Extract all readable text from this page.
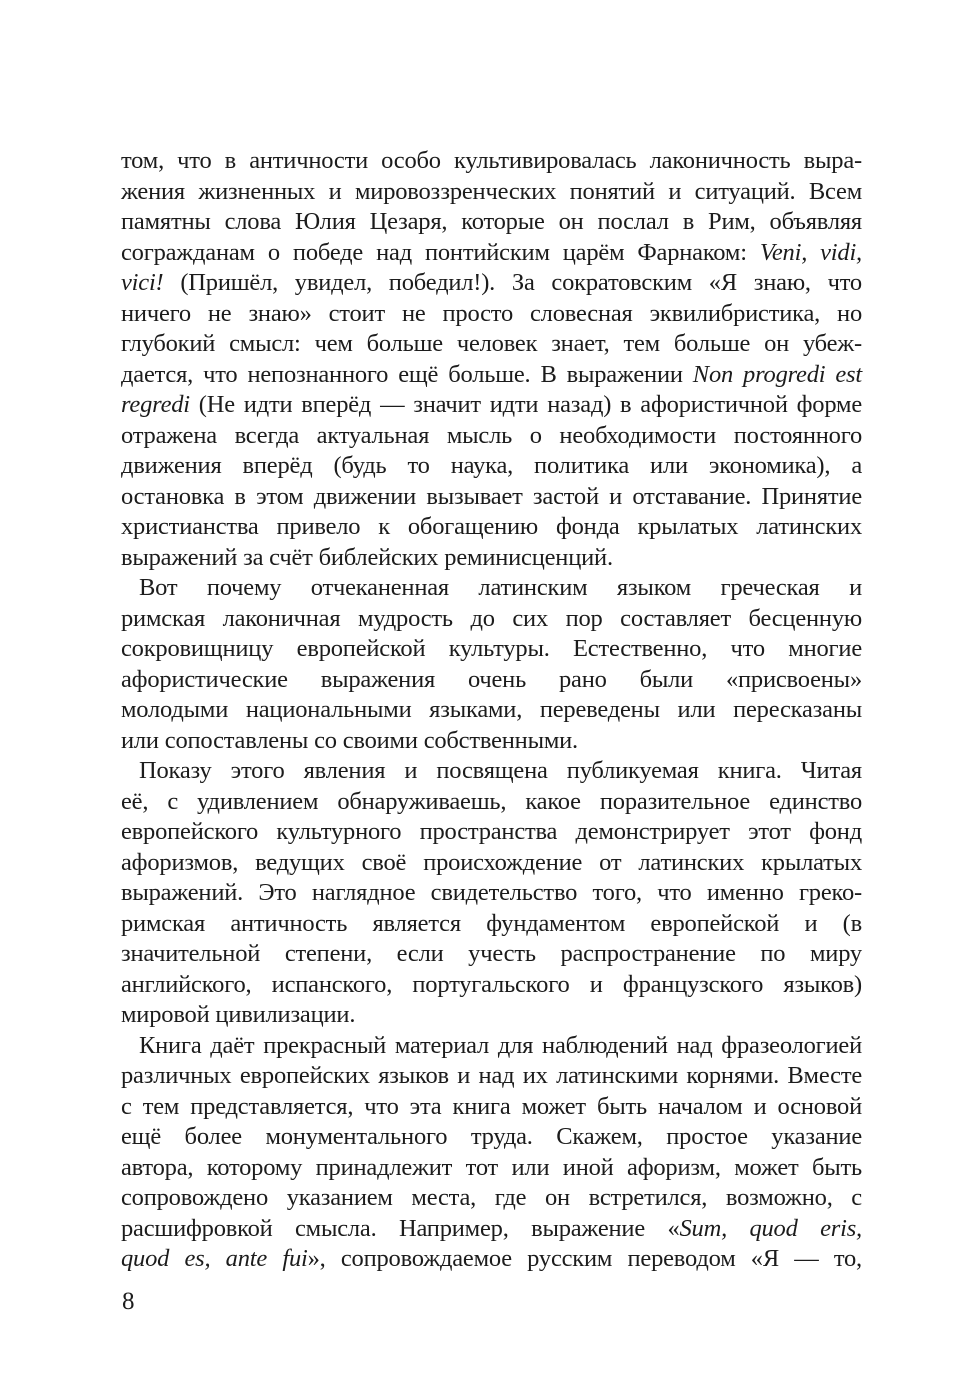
том, что в античности особо культивировалась лаконичность выра-
жения жизненных и мировоззренческих понятий и ситуаций. Всем
памятны слова Юлия Цезаря, которые он послал в Рим, объявляя
согражданам о победе над понтийским царём Фарнаком: Veni, vidi,
vici! (Пришёл, увидел, победил!). За сократовским «Я знаю, что
ничего не знаю» стоит не просто словесная эквилибристика, но
глубокий смысл: чем больше человек знает, тем больше он убеж-
дается, что непознанного ещё больше. В выражении Non progredi est
regredi (Не идти вперёд — значит идти назад) в афористичной форме
отражена всегда актуальная мысль о необходимости постоянного
движения вперёд (будь то наука, политика или экономика), а
остановка в этом движении вызывает застой и отставание. Принятие
христианства привело к обогащению фонда крылатых латинских
выражений за счёт библейских реминисценций.
Вот почему отчеканенная латинским языком греческая и
римская лаконичная мудрость до сих пор составляет бесценную
сокровищницу европейской культуры. Естественно, что многие
афористические выражения очень рано были «присвоены»
молодыми национальными языками, переведены или пересказаны
или сопоставлены со своими собственными.
Показу этого явления и посвящена публикуемая книга. Читая
её, с удивлением обнаруживаешь, какое поразительное единство
европейского культурного пространства демонстрирует этот фонд
афоризмов, ведущих своё происхождение от латинских крылатых
выражений. Это наглядное свидетельство того, что именно греко-
римская античность является фундаментом европейской и (в
значительной степени, если учесть распространение по миру
английского, испанского, португальского и французского языков)
мировой цивилизации.
Книга даёт прекрасный материал для наблюдений над фразеологией
различных европейских языков и над их латинскими корнями. Вместе
с тем представляется, что эта книга может быть началом и основой
ещё более монументального труда. Скажем, простое указание
автора, которому принадлежит тот или иной афоризм, может быть
сопровождено указанием места, где он встретился, возможно, с
расшифровкой смысла. Например, выражение «Sum, quod eris,
quod es, ante fui», сопровождаемое русским переводом «Я — то,
8
